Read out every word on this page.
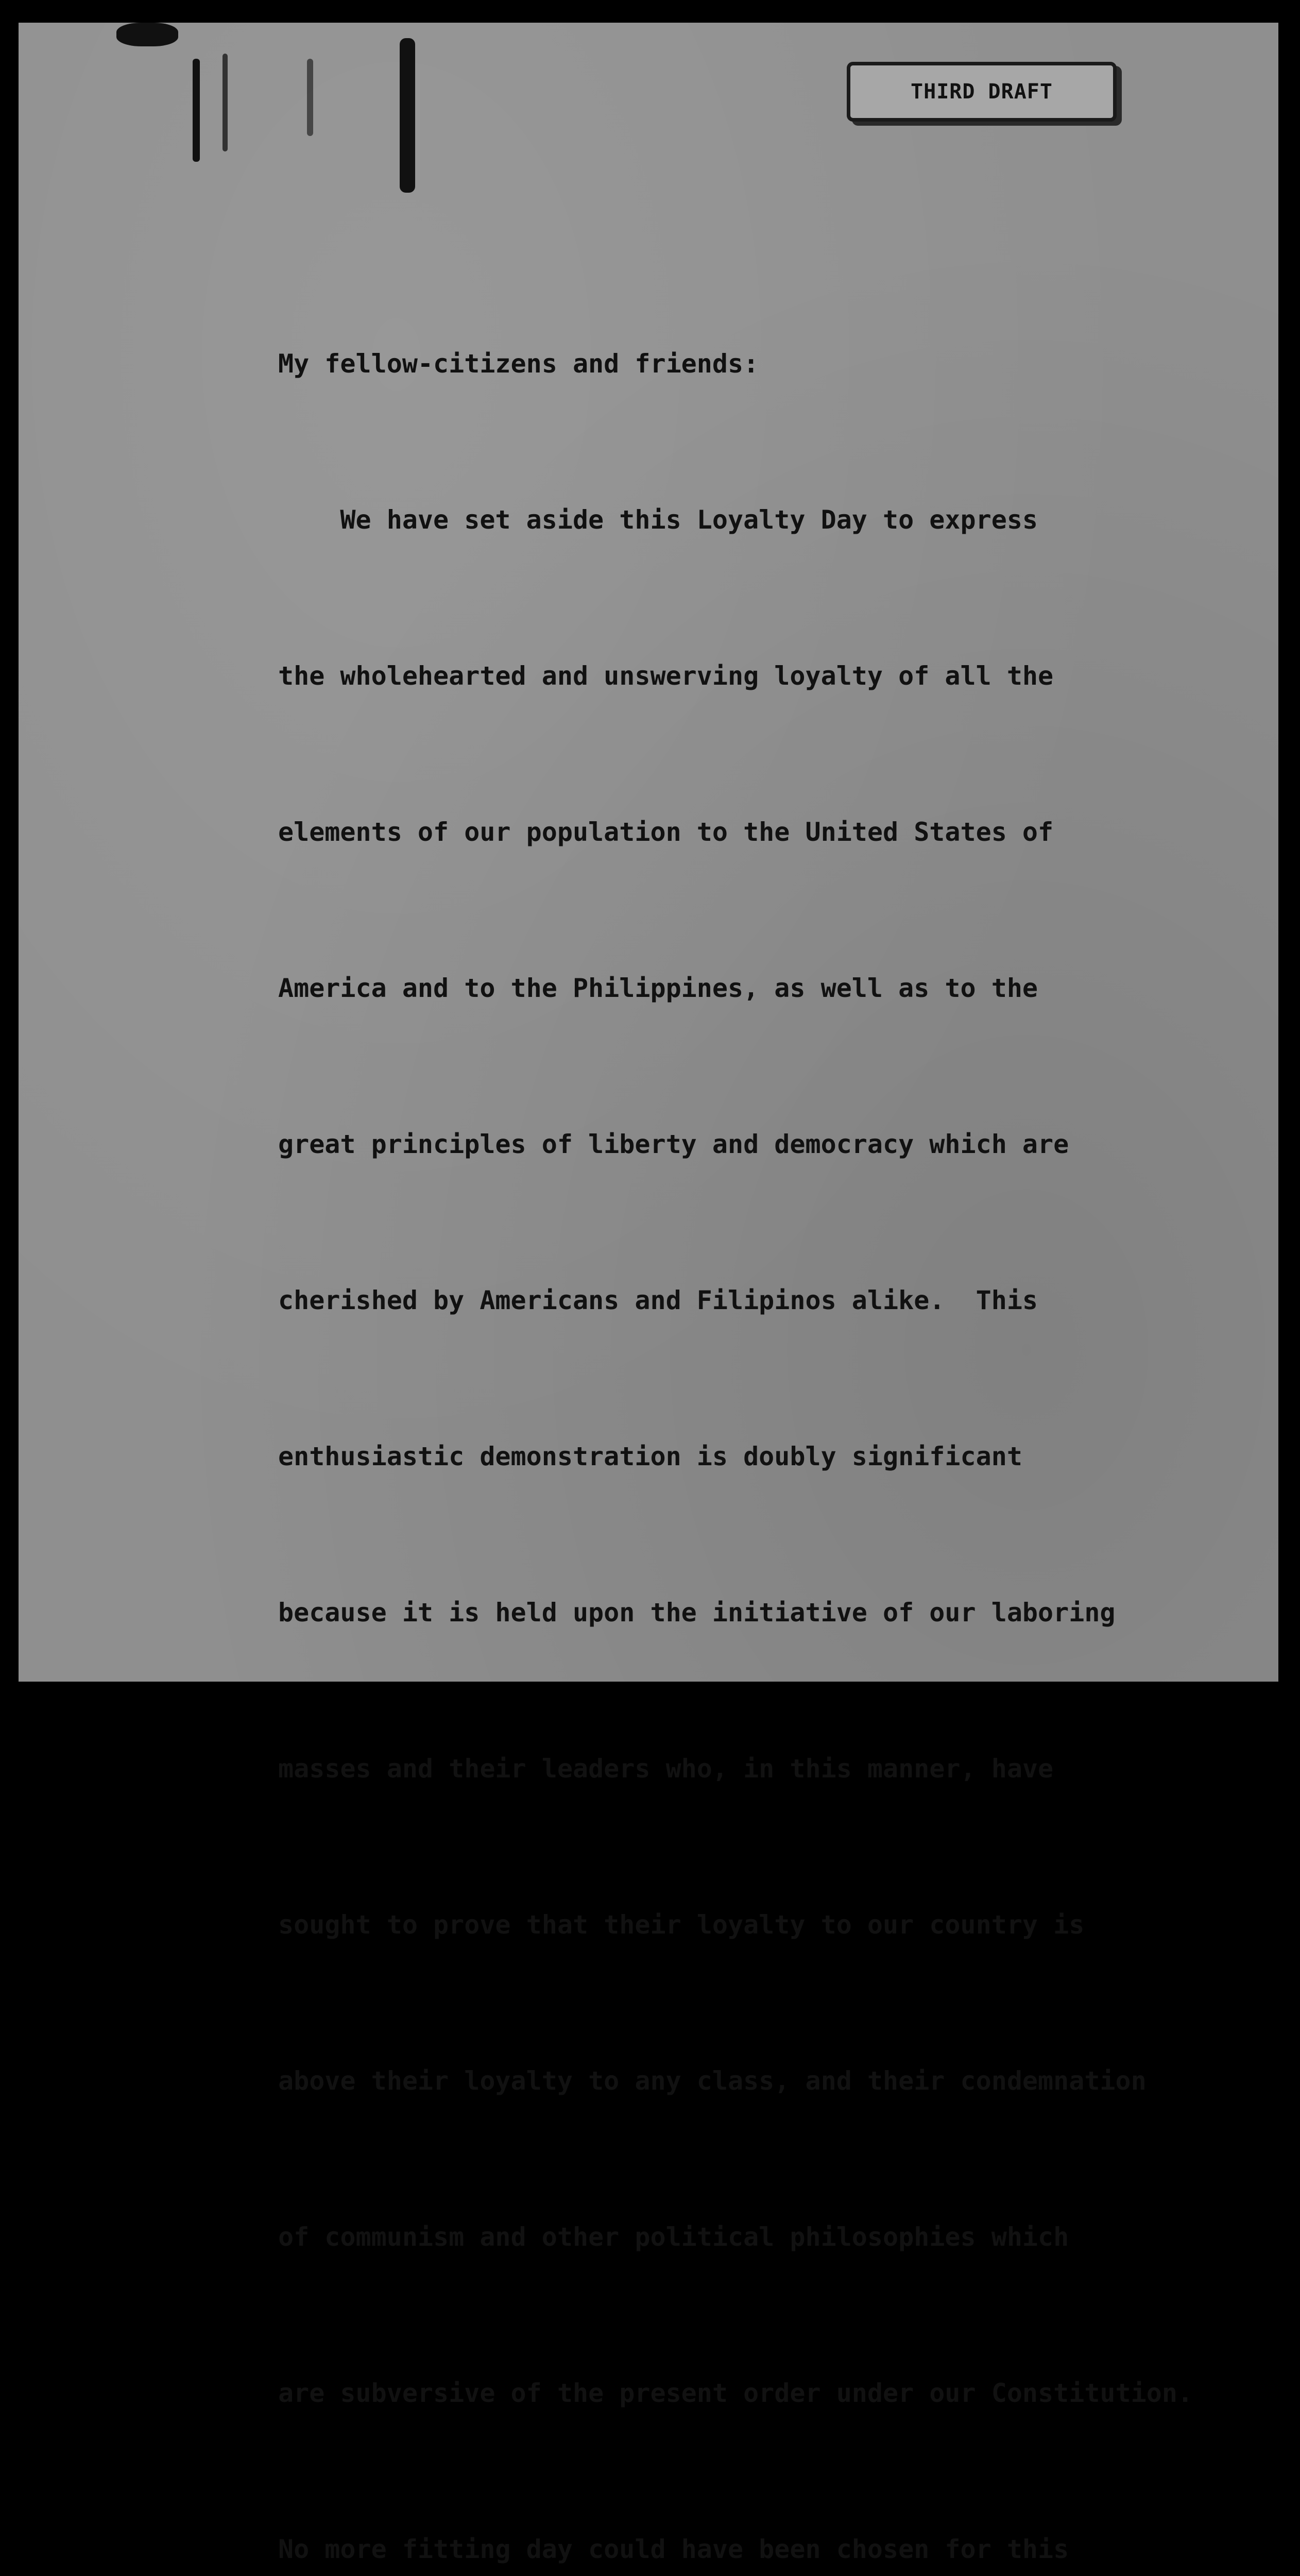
THIRD DRAFT

My fellow-citizens and friends:

We have set aside this Loyalty Day to express

the wholehearted and unswerving loyalty of all the

elements of our population to the United States of

America and to the Philippines, as well as to the

great principles of liberty and democracy which are

cherished by Americans and Filipinos alike.  This

enthusiastic demonstration is doubly significant

because it is held upon the initiative of our laboring

masses and their leaders who, in this manner, have

sought to prove that their loyalty to our country is

above their loyalty to any class, and their condemnation

of communism and other political philosophies which

are subversive of the present order under our Constitution.

No more fitting day could have been chosen for this
